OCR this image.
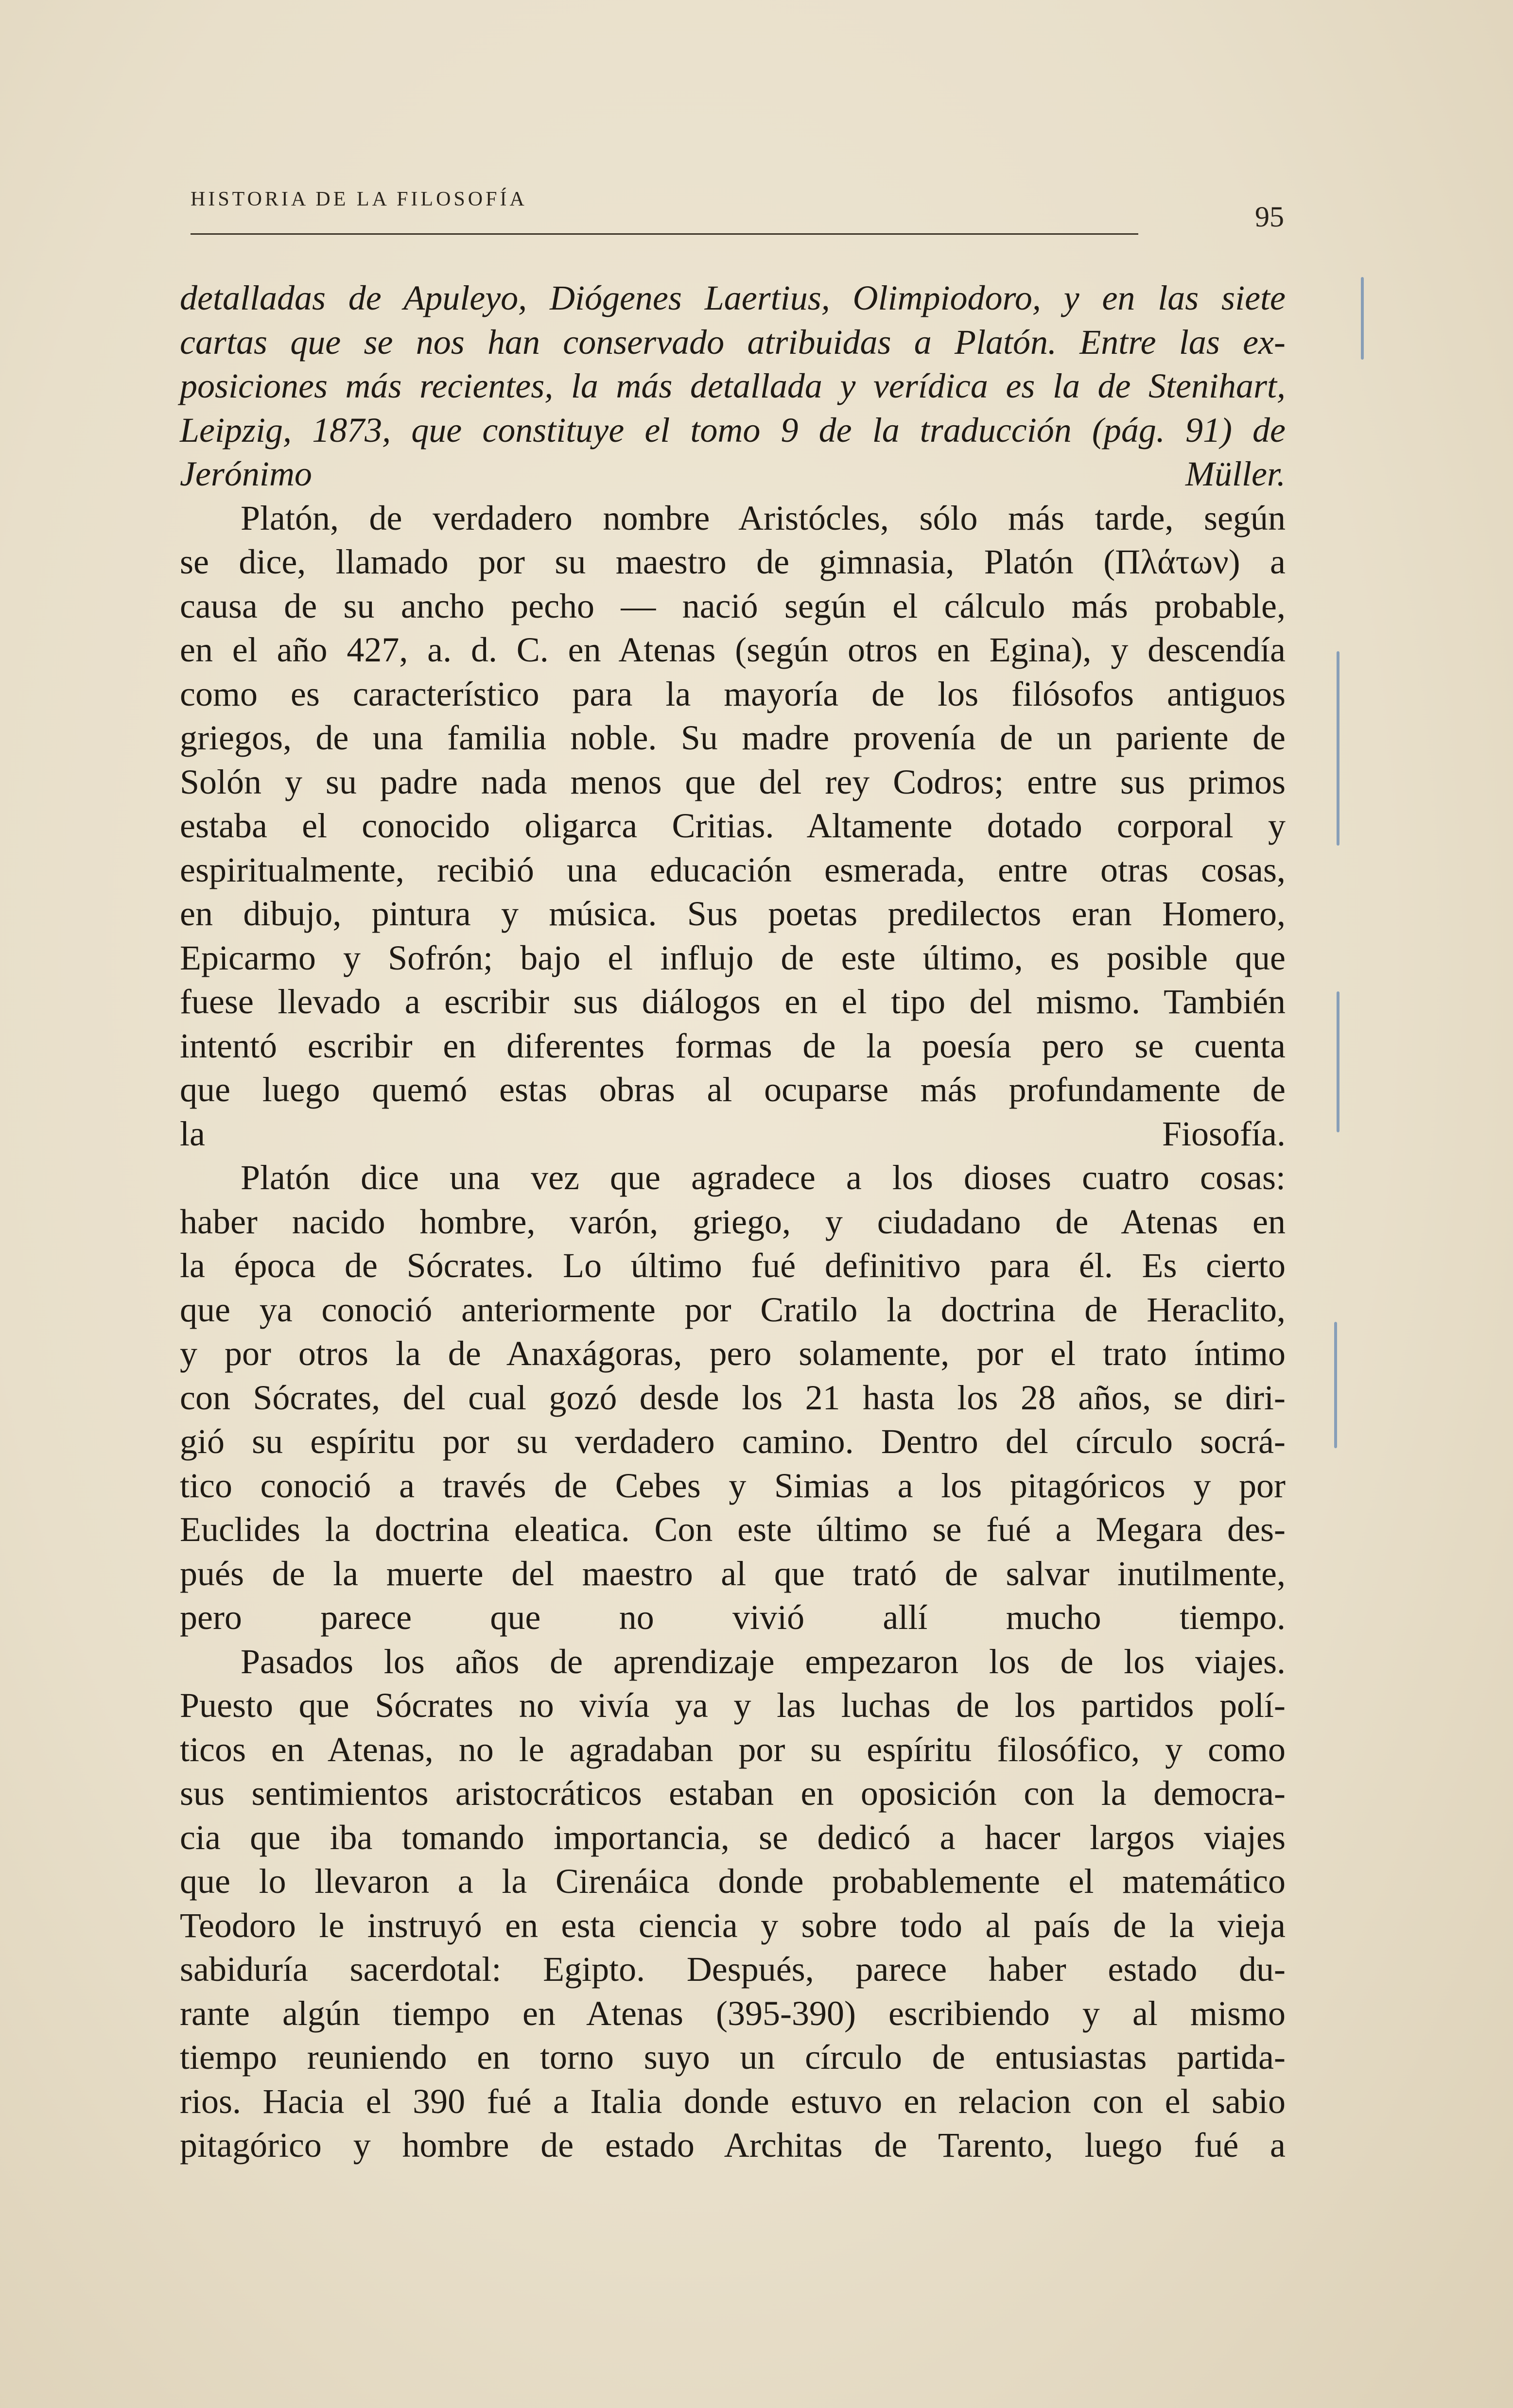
HISTORIA DE LA FILOSOFÍA
95
detalladas de Apuleyo, Diógenes Laertius, Olimpiodoro, y en las siete
cartas que se nos han conservado atribuidas a Platón. Entre las ex-
posiciones más recientes, la más detallada y verídica es la de Stenihart,
Leipzig, 1873, que constituye el tomo 9 de la traducción (pág. 91) de
Jerónimo Müller.
Platón, de verdadero nombre Aristócles, sólo más tarde, según
se dice, llamado por su maestro de gimnasia, Platón (Πλάτων) a
causa de su ancho pecho — nació según el cálculo más probable,
en el año 427, a. d. C. en Atenas (según otros en Egina), y descendía
como es característico para la mayoría de los filósofos antiguos
griegos, de una familia noble. Su madre provenía de un pariente de
Solón y su padre nada menos que del rey Codros; entre sus primos
estaba el conocido oligarca Critias. Altamente dotado corporal y
espiritualmente, recibió una educación esmerada, entre otras cosas,
en dibujo, pintura y música. Sus poetas predilectos eran Homero,
Epicarmo y Sofrón; bajo el influjo de este último, es posible que
fuese llevado a escribir sus diálogos en el tipo del mismo. También
intentó escribir en diferentes formas de la poesía pero se cuenta
que luego quemó estas obras al ocuparse más profundamente de
la Fiosofía.
Platón dice una vez que agradece a los dioses cuatro cosas:
haber nacido hombre, varón, griego, y ciudadano de Atenas en
la época de Sócrates. Lo último fué definitivo para él. Es cierto
que ya conoció anteriormente por Cratilo la doctrina de Heraclito,
y por otros la de Anaxágoras, pero solamente, por el trato íntimo
con Sócrates, del cual gozó desde los 21 hasta los 28 años, se diri-
gió su espíritu por su verdadero camino. Dentro del círculo socrá-
tico conoció a través de Cebes y Simias a los pitagóricos y por
Euclides la doctrina eleatica. Con este último se fué a Megara des-
pués de la muerte del maestro al que trató de salvar inutilmente,
pero parece que no vivió allí mucho tiempo.
Pasados los años de aprendizaje empezaron los de los viajes.
Puesto que Sócrates no vivía ya y las luchas de los partidos polí-
ticos en Atenas, no le agradaban por su espíritu filosófico, y como
sus sentimientos aristocráticos estaban en oposición con la democra-
cia que iba tomando importancia, se dedicó a hacer largos viajes
que lo llevaron a la Cirenáica donde probablemente el matemático
Teodoro le instruyó en esta ciencia y sobre todo al país de la vieja
sabiduría sacerdotal: Egipto. Después, parece haber estado du-
rante algún tiempo en Atenas (395-390) escribiendo y al mismo
tiempo reuniendo en torno suyo un círculo de entusiastas partida-
rios. Hacia el 390 fué a Italia donde estuvo en relacion con el sabio
pitagórico y hombre de estado Architas de Tarento, luego fué a
